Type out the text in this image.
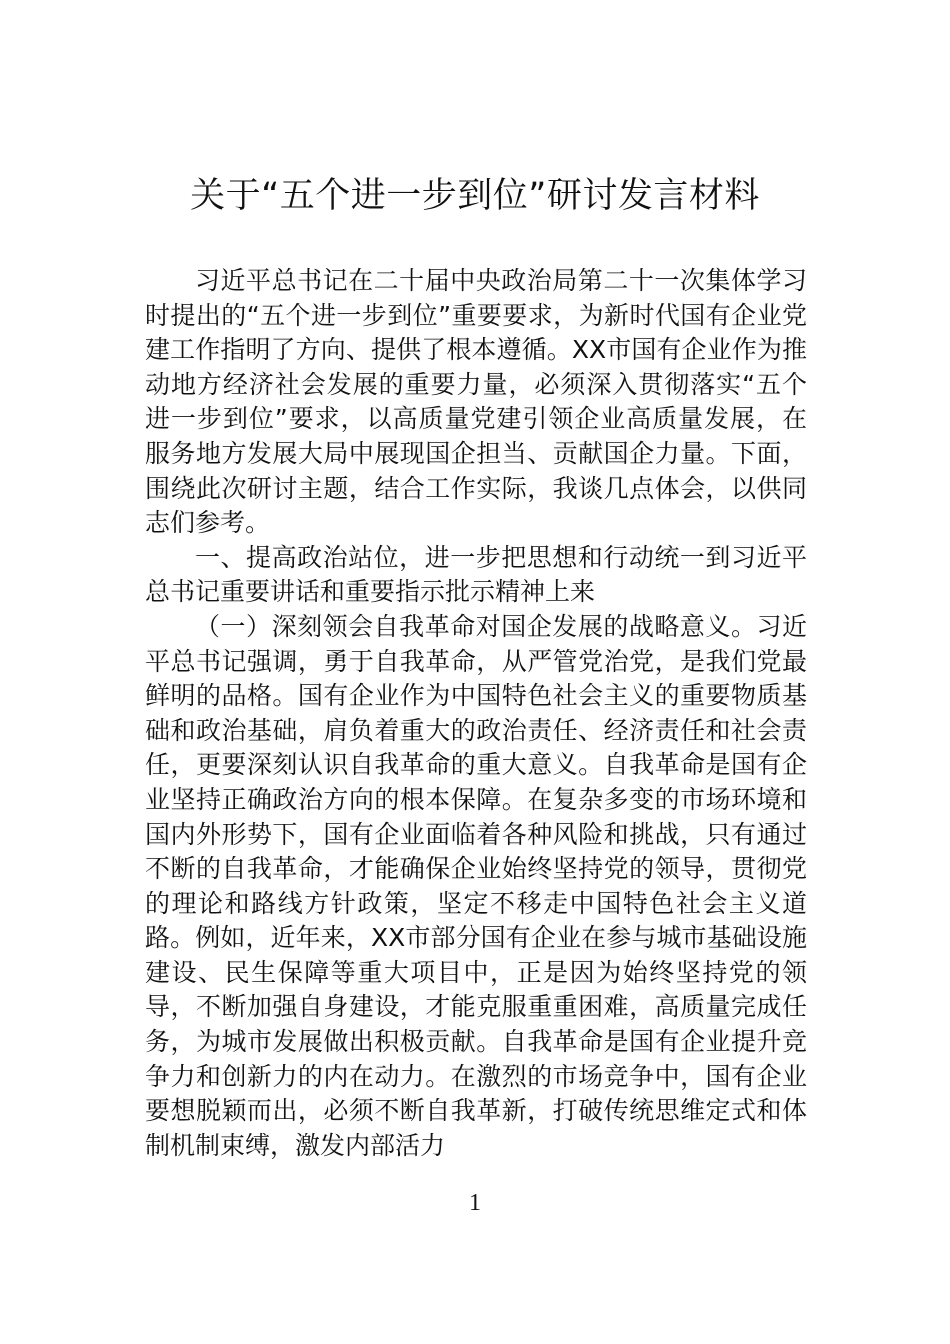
关于“五个进一步到位”研讨发言材料

习近平总书记在二十届中央政治局第二十一次集体学习时提出的“五个进一步到位”重要要求，为新时代国有企业党建工作指明了方向、提供了根本遵循。XX市国有企业作为推动地方经济社会发展的重要力量，必须深入贯彻落实“五个进一步到位”要求，以高质量党建引领企业高质量发展，在服务地方发展大局中展现国企担当、贡献国企力量。下面，围绕此次研讨主题，结合工作实际，我谈几点体会，以供同志们参考。

一、提高政治站位，进一步把思想和行动统一到习近平总书记重要讲话和重要指示批示精神上来

（一）深刻领会自我革命对国企发展的战略意义。习近平总书记强调，勇于自我革命，从严管党治党，是我们党最鲜明的品格。国有企业作为中国特色社会主义的重要物质基础和政治基础，肩负着重大的政治责任、经济责任和社会责任，更要深刻认识自我革命的重大意义。自我革命是国有企业坚持正确政治方向的根本保障。在复杂多变的市场环境和国内外形势下，国有企业面临着各种风险和挑战，只有通过不断的自我革命，才能确保企业始终坚持党的领导，贯彻党的理论和路线方针政策，坚定不移走中国特色社会主义道路。例如，近年来，XX市部分国有企业在参与城市基础设施建设、民生保障等重大项目中，正是因为始终坚持党的领导，不断加强自身建设，才能克服重重困难，高质量完成任务，为城市发展做出积极贡献。自我革命是国有企业提升竞争力和创新力的内在动力。在激烈的市场竞争中，国有企业要想脱颖而出，必须不断自我革新，打破传统思维定式和体制机制束缚，激发内部活力

1
